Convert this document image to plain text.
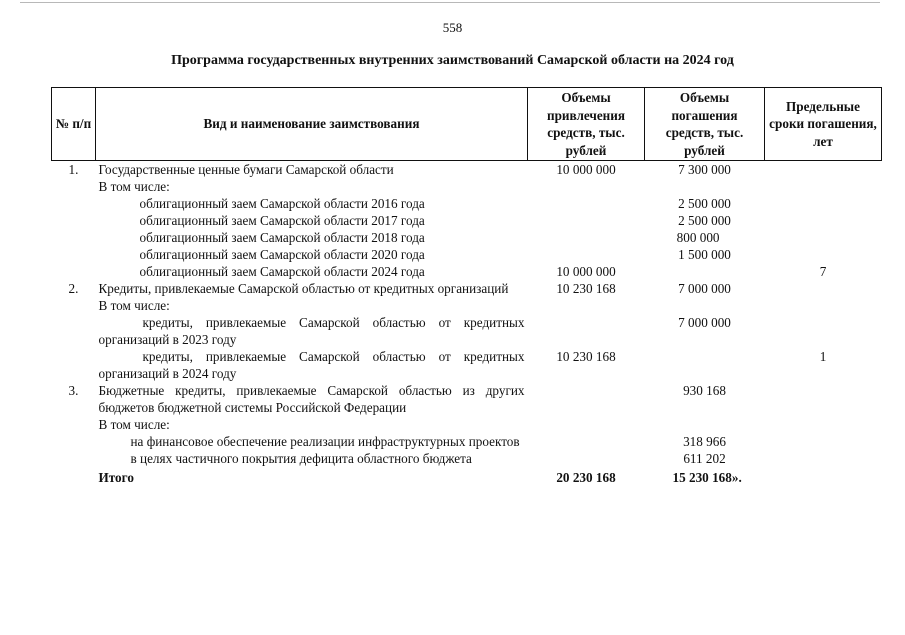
558
Программа государственных внутренних заимствований Самарской области на 2024 год
№ п/п	Вид и наименование заимствования	Объемы привлечения средств, тыс. рублей	Объемы погашения средств, тыс. рублей	Предельные сроки погашения, лет
1.	Государственные ценные бумаги Самарской области	10 000 000	7 300 000	
	В том числе:			
	облигационный заем Самарской области 2016 года		2 500 000	
	облигационный заем Самарской области 2017 года		2 500 000	
	облигационный заем Самарской области 2018 года		800 000	
	облигационный заем Самарской области 2020 года		1 500 000	
	облигационный заем Самарской области 2024 года	10 000 000		7
2.	Кредиты, привлекаемые Самарской областью от кредитных организаций	10 230 168	7 000 000	
	В том числе:			
	кредиты, привлекаемые Самарской областью от кредитных организаций в 2023 году		7 000 000	
	кредиты, привлекаемые Самарской областью от кредитных организаций в 2024 году	10 230 168		1
3.	Бюджетные кредиты, привлекаемые Самарской областью из других бюджетов бюджетной системы Российской Федерации		930 168	
	В том числе:			
	на финансовое обеспечение реализации инфраструктурных проектов		318 966	
	в целях частичного покрытия дефицита областного бюджета		611 202	
	Итого	20 230 168	15 230 168».	
